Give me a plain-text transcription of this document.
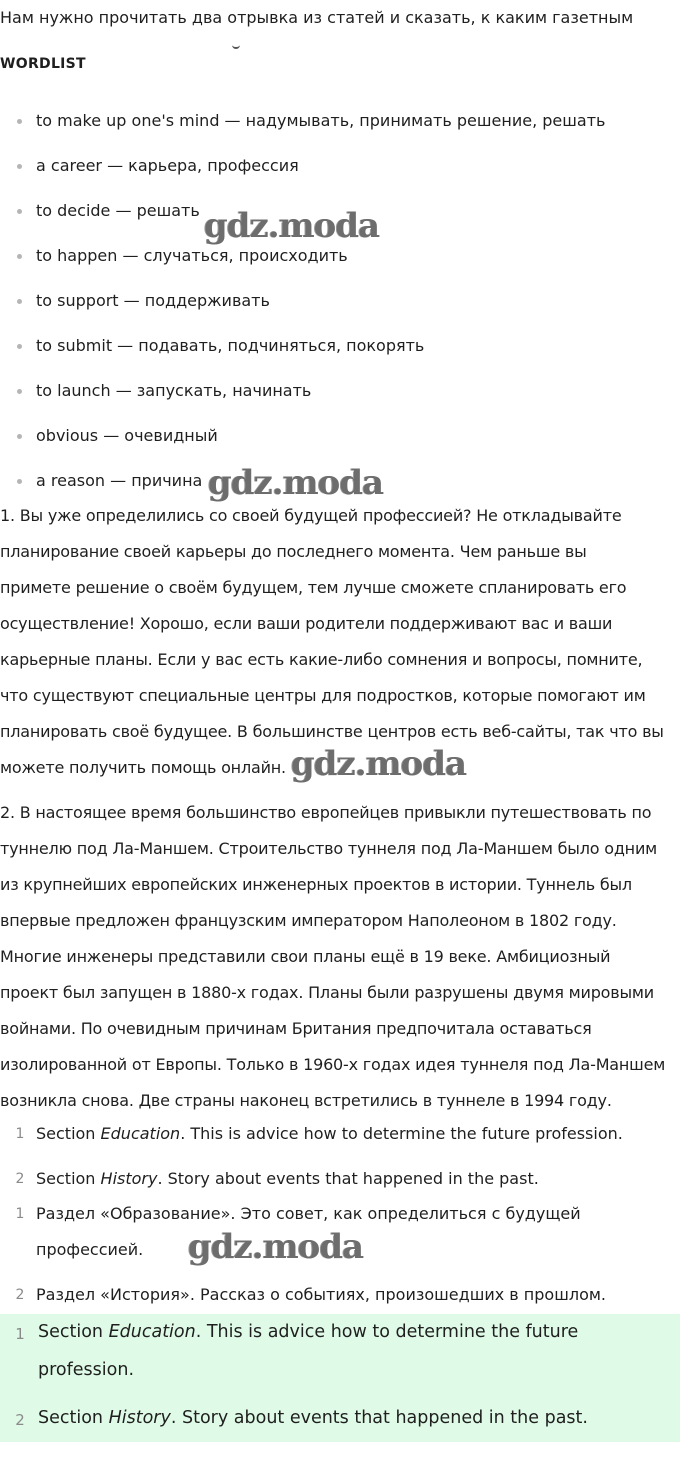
Нам нужно прочитать два отрывка из статей и сказать, к каким газетным
WORDLIST
to make up one's mind — надумывать, принимать решение, решать
a career — карьера, профессия
to decide — решать
to happen — случаться, происходить
to support — поддерживать
to submit — подавать, подчиняться, покорять
to launch — запускать, начинать
obvious — очевидный
a reason — причина
1. Вы уже определились со своей будущей профессией? Не откладывайте
планирование своей карьеры до последнего момента. Чем раньше вы
примете решение о своём будущем, тем лучше сможете спланировать его
осуществление! Хорошо, если ваши родители поддерживают вас и ваши
карьерные планы. Если у вас есть какие-либо сомнения и вопросы, помните,
что существуют специальные центры для подростков, которые помогают им
планировать своё будущее. В большинстве центров есть веб-сайты, так что вы
можете получить помощь онлайн.
2. В настоящее время большинство европейцев привыкли путешествовать по
туннелю под Ла-Маншем. Строительство туннеля под Ла-Маншем было одним
из крупнейших европейских инженерных проектов в истории. Туннель был
впервые предложен французским императором Наполеоном в 1802 году.
Многие инженеры представили свои планы ещё в 19 веке. Амбициозный
проект был запущен в 1880-х годах. Планы были разрушены двумя мировыми
войнами. По очевидным причинам Британия предпочитала оставаться
изолированной от Европы. Только в 1960-х годах идея туннеля под Ла-Маншем
возникла снова. Две страны наконец встретились в туннеле в 1994 году.
1 Section Education. This is advice how to determine the future profession.
2 Section History. Story about events that happened in the past.
1 Раздел «Образование». Это совет, как определиться с будущей
профессией.
2 Раздел «История». Рассказ о событиях, произошедших в прошлом.
1 Section Education. This is advice how to determine the future
profession.
2 Section History. Story about events that happened in the past.
gdz.moda
gdz.moda
gdz.moda
gdz.moda
